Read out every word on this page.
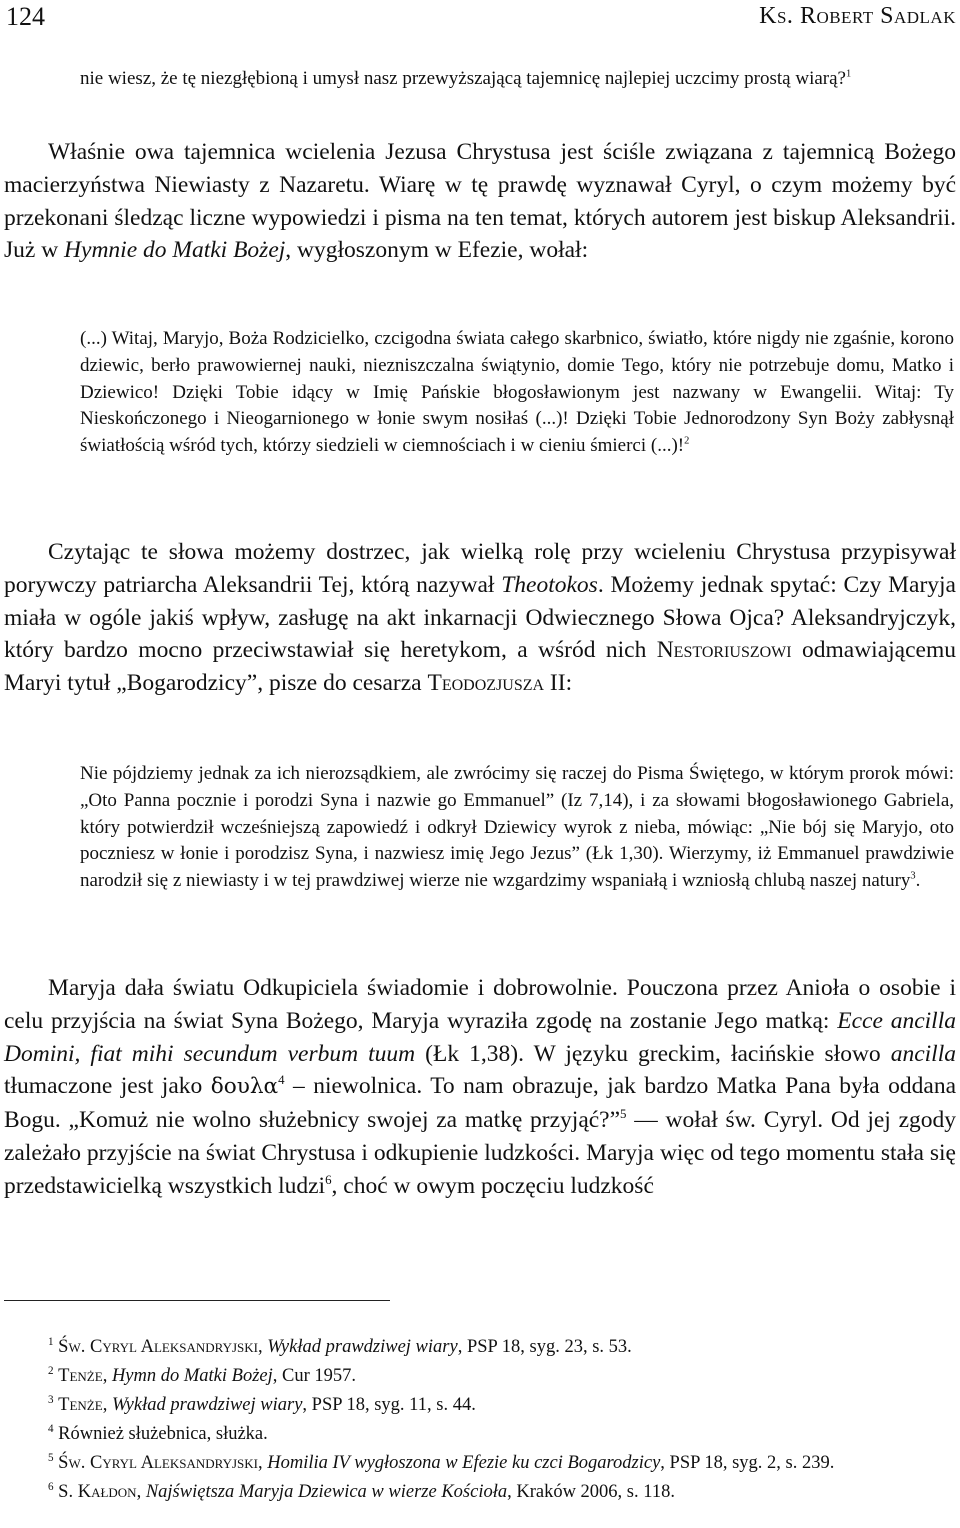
124	Ks. Robert Sadlak

nie wiesz, że tę niezgłębioną i umysł nasz przewyższającą tajemnicę najlepiej uczcimy prostą wiarą?$^1$

Właśnie owa tajemnica wcielenia Jezusa Chrystusa jest ściśle związana z tajemnicą Bożego macierzyństwa Niewiasty z Nazaretu. Wiarę w tę prawdę wyznawał Cyryl, o czym możemy być przekonani śledząc liczne wypowiedzi i pisma na ten temat, których autorem jest biskup Aleksandrii. Już w Hymnie do Matki Bożej, wygłoszonym w Efezie, wołał:

(...) Witaj, Maryjo, Boża Rodzicielko, czcigodna świata całego skarbnico, światło, które nigdy nie zgaśnie, korono dziewic, berło prawowiernej nauki, niezniszczalna świątynio, domie Tego, który nie potrzebuje domu, Matko i Dziewico! Dzięki Tobie idący w Imię Pańskie błogosławionym jest nazwany w Ewangelii. Witaj: Ty Nieskończonego i Nieogarnionego w łonie swym nosiłaś (...)! Dzięki Tobie Jednorodzony Syn Boży zabłysnął światłością wśród tych, którzy siedzieli w ciemnościach i w cieniu śmierci (...)!$^2$

Czytając te słowa możemy dostrzec, jak wielką rolę przy wcieleniu Chrystusa przypisywał porywczy patriarcha Aleksandrii Tej, którą nazywał Theotokos. Możemy jednak spytać: Czy Maryja miała w ogóle jakiś wpływ, zasługę na akt inkarnacji Odwiecznego Słowa Ojca? Aleksandryjczyk, który bardzo mocno przeciwstawiał się heretykom, a wśród nich Nestoriuszowi odmawiającemu Maryi tytuł „Bogarodzicy”, pisze do cesarza Teodozjusza II:

Nie pójdziemy jednak za ich nierozsądkiem, ale zwrócimy się raczej do Pisma Świętego, w którym prorok mówi: „Oto Panna pocznie i porodzi Syna i nazwie go Emmanuel” (Iz 7,14), i za słowami błogosławionego Gabriela, który potwierdził wcześniejszą zapowiedź i odkrył Dziewicy wyrok z nieba, mówiąc: „Nie bój się Maryjo, oto poczniesz w łonie i porodzisz Syna, i nazwiesz imię Jego Jezus” (Łk 1,30). Wierzymy, iż Emmanuel prawdziwie narodził się z niewiasty i w tej prawdziwej wierze nie wzgardzimy wspaniałą i wzniosłą chlubą naszej natury$^3$.

Maryja dała światu Odkupiciela świadomie i dobrowolnie. Pouczona przez Anioła o osobie i celu przyjścia na świat Syna Bożego, Maryja wyraziła zgodę na zostanie Jego matką: Ecce ancilla Domini, fiat mihi secundum verbum tuum (Łk 1,38). W języku greckim, łacińskie słowo ancilla tłumaczone jest jako δουλα$^4$ – niewolnica. To nam obrazuje, jak bardzo Matka Pana była oddana Bogu. „Komuż nie wolno służebnicy swojej za matkę przyjąć?”$^5$ — wołał św. Cyryl. Od jej zgody zależało przyjście na świat Chrystusa i odkupienie ludzkości. Maryja więc od tego momentu stała się przedstawicielką wszystkich ludzi$^6$, choć w owym poczęciu ludzkość

$^1$ Św. Cyryl Aleksandryjski, Wykład prawdziwej wiary, PSP 18, syg. 23, s. 53.

$^2$ Tenże, Hymn do Matki Bożej, Cur 1957.

$^3$ Tenże, Wykład prawdziwej wiary, PSP 18, syg. 11, s. 44.

$^4$ Również służebnica, służka.

$^5$ Św. Cyryl Aleksandryjski, Homilia IV wygłoszona w Efezie ku czci Bogarodzicy, PSP 18, syg. 2, s. 239.

$^6$ S. Kałdon, Najświętsza Maryja Dziewica w wierze Kościoła, Kraków 2006, s. 118.
